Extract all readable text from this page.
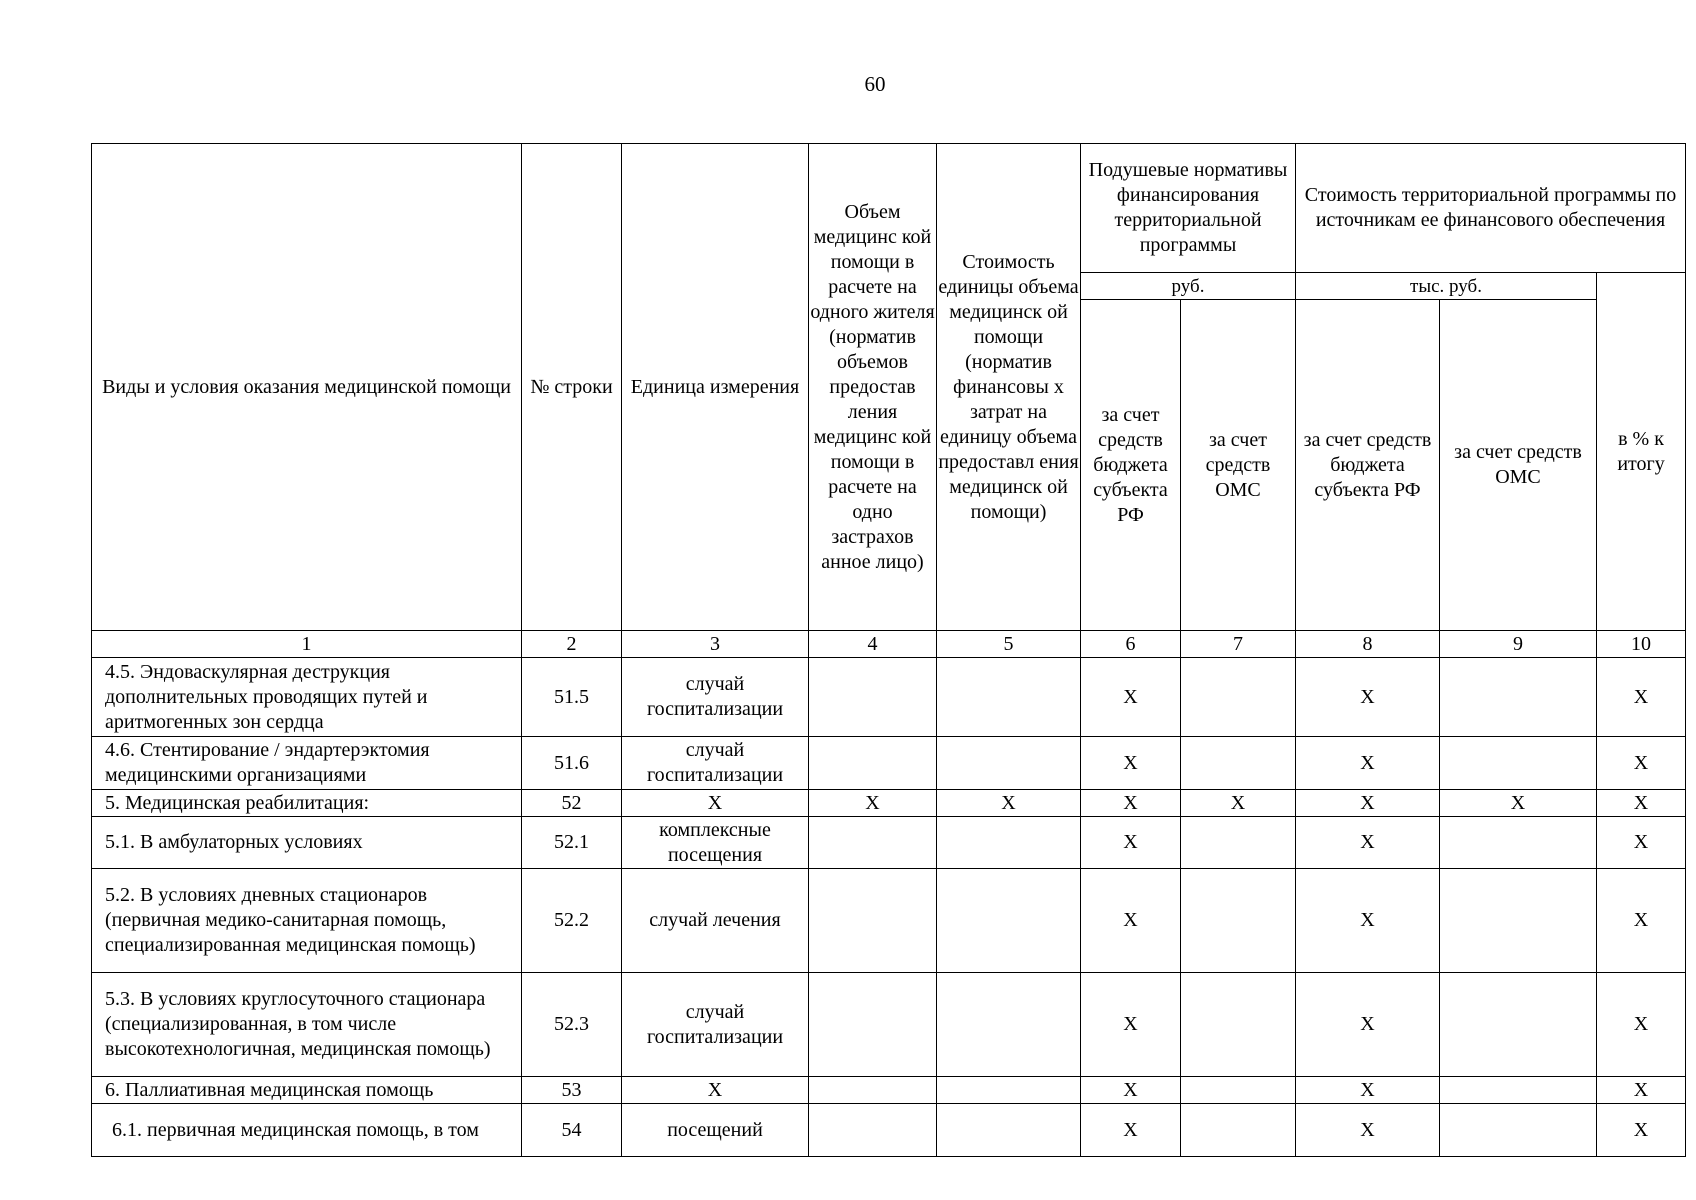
60
Виды и условия оказания медицинской помощи	№ строки	Единица измерения	Объем медицинс кой помощи в расчете на одного жителя (норматив объемов предостав ления медицинс кой помощи в расчете на одно застрахов анное лицо)	Стоимость единицы объема медицинск ой помощи (норматив финансовы х затрат на единицу объема предоставл ения медицинск ой помощи)	Подушевые нормативы финансирования территориальной программы		Стоимость территориальной программы по источникам ее финансового обеспечения		
					руб.		тыс. руб.		в % к итогу
					за счет средств бюджета субъекта РФ	за счет средств ОМС	за счет средств бюджета субъекта РФ	за счет средств ОМС	
1	2	3	4	5	6	7	8	9	10
4.5. Эндоваскулярная деструкция дополнительных проводящих путей и аритмогенных зон сердца	51.5	случай госпитализации			X		X		X
4.6. Стентирование / эндартерэктомия медицинскими организациями	51.6	случай госпитализации			X		X		X
5. Медицинская реабилитация:	52	X	X	X	X	X	X	X	X
5.1. В амбулаторных условиях	52.1	комплексные посещения			X		X		X
5.2. В условиях дневных стационаров (первичная медико-санитарная помощь, специализированная медицинская помощь)	52.2	случай лечения			X		X		X
5.3. В условиях круглосуточного стационара (специализированная, в том числе высокотехнологичная, медицинская помощь)	52.3	случай госпитализации			X		X		X
6. Паллиативная медицинская помощь	53	X			X		X		X
6.1. первичная медицинская помощь, в том	54	посещений			X		X		X
